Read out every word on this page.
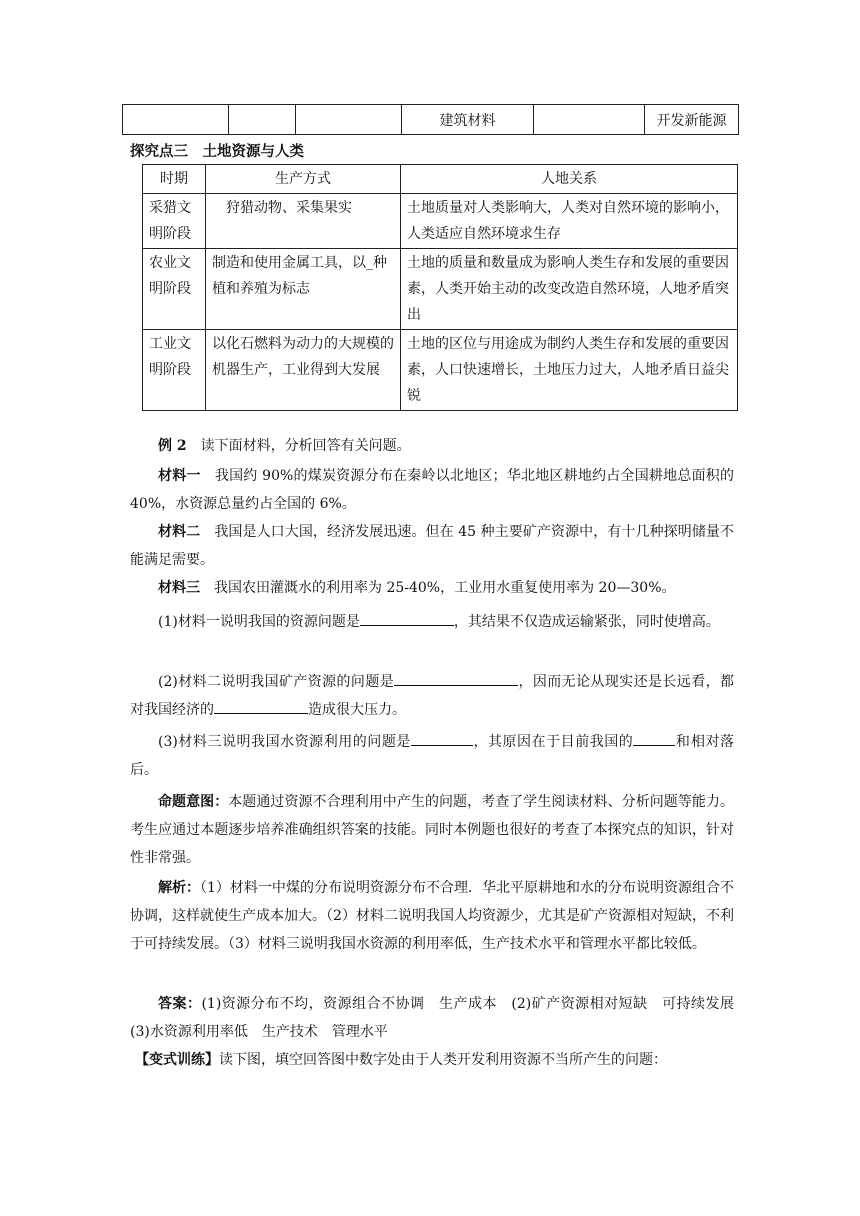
			建筑材料		开发新能源
探究点三　土地资源与人类
时期	生产方式	人地关系
采猎文明阶段	　狩猎动物、采集果实	土地质量对人类影响大，人类对自然环境的影响小，人类适应自然环境求生存
农业文明阶段	制造和使用金属工具，以_种植和养殖为标志	土地的质量和数量成为影响人类生存和发展的重要因素，人类开始主动的改变改造自然环境，人地矛盾突出
工业文明阶段	以化石燃料为动力的大规模的机器生产，工业得到大发展	土地的区位与用途成为制约人类生存和发展的重要因素，人口快速增长，土地压力过大，人地矛盾日益尖锐

例 2　读下面材料，分析回答有关问题。

材料一　我国约 90%的煤炭资源分布在秦岭以北地区；华北地区耕地约占全国耕地总面积的 40%，水资源总量约占全国的 6%。

材料二　我国是人口大国，经济发展迅速。但在 45 种主要矿产资源中，有十几种探明储量不能满足需要。

材料三　我国农田灌溉水的利用率为 25-40%，工业用水重复使用率为 20—30%。

(1)材料一说明我国的资源问题是	，其结果不仅造成运输紧张，同时使增高。

(2)材料二说明我国矿产资源的问题是	，因而无论从现实还是长远看，都对我国经济的	造成很大压力。

(3)材料三说明我国水资源利用的问题是	，其原因在于目前我国的	和相对落后。

命题意图：本题通过资源不合理利用中产生的问题，考查了学生阅读材料、分析问题等能力。考生应通过本题逐步培养准确组织答案的技能。同时本例题也很好的考查了本探究点的知识，针对性非常强。

解析：（1）材料一中煤的分布说明资源分布不合理．华北平原耕地和水的分布说明资源组合不协调，这样就使生产成本加大。（2）材料二说明我国人均资源少，尤其是矿产资源相对短缺，不利于可持续发展。（3）材料三说明我国水资源的利用率低，生产技术水平和管理水平都比较低。

答案：(1)资源分布不均，资源组合不协调　生产成本　(2)矿产资源相对短缺　可持续发展　(3)水资源利用率低　生产技术　管理水平

【变式训练】读下图，填空回答图中数字处由于人类开发利用资源不当所产生的问题：
